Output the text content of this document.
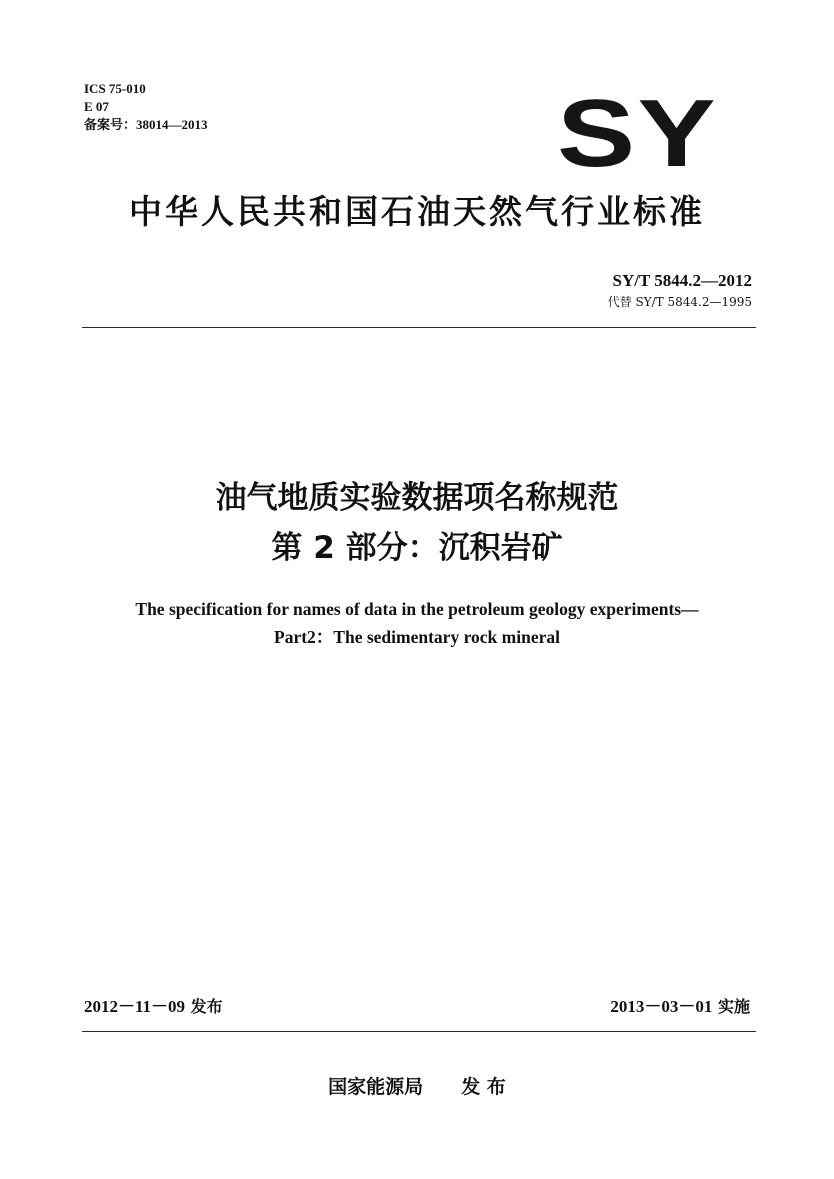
ICS 75-010
E 07
备案号：38014—2013	SY
中华人民共和国石油天然气行业标准
SY/T 5844.2—2012
代替 SY/T 5844.2—1995
油气地质实验数据项名称规范
第 2 部分：沉积岩矿
The specification for names of data in the petroleum geology experiments—
Part2：The sedimentary rock mineral
2012－11－09 发布	2013－03－01 实施
国家能源局 发 布
